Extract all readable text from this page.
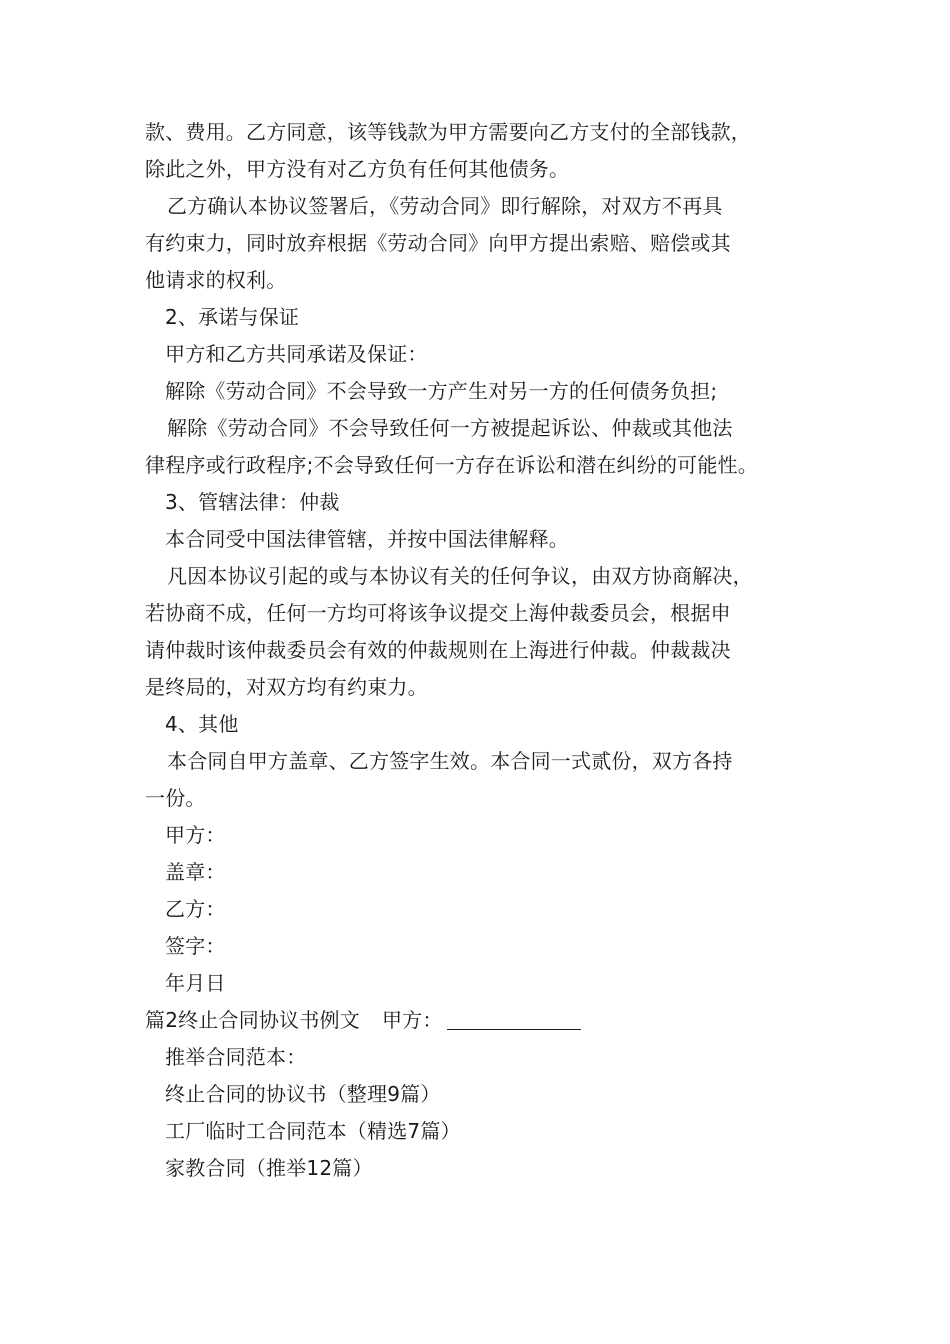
款、费用。乙方同意，该等钱款为甲方需要向乙方支付的全部钱款，
除此之外，甲方没有对乙方负有任何其他债务。
乙方确认本协议签署后，《劳动合同》即行解除，对双方不再具
有约束力，同时放弃根据《劳动合同》向甲方提出索赔、赔偿或其
他请求的权利。
2、承诺与保证
甲方和乙方共同承诺及保证：
解除《劳动合同》不会导致一方产生对另一方的任何债务负担;
解除《劳动合同》不会导致任何一方被提起诉讼、仲裁或其他法
律程序或行政程序;不会导致任何一方存在诉讼和潜在纠纷的可能性。
3、管辖法律：仲裁
本合同受中国法律管辖，并按中国法律解释。
凡因本协议引起的或与本协议有关的任何争议，由双方协商解决，
若协商不成，任何一方均可将该争议提交上海仲裁委员会，根据申
请仲裁时该仲裁委员会有效的仲裁规则在上海进行仲裁。仲裁裁决
是终局的，对双方均有约束力。
4、其他
本合同自甲方盖章、乙方签字生效。本合同一式贰份，双方各持
一份。
甲方：
盖章：
乙方：
签字：
年月日
篇2终止合同协议书例文 甲方：
推举合同范本：
终止合同的协议书（整理9篇）
工厂临时工合同范本（精选7篇）
家教合同（推举12篇）
